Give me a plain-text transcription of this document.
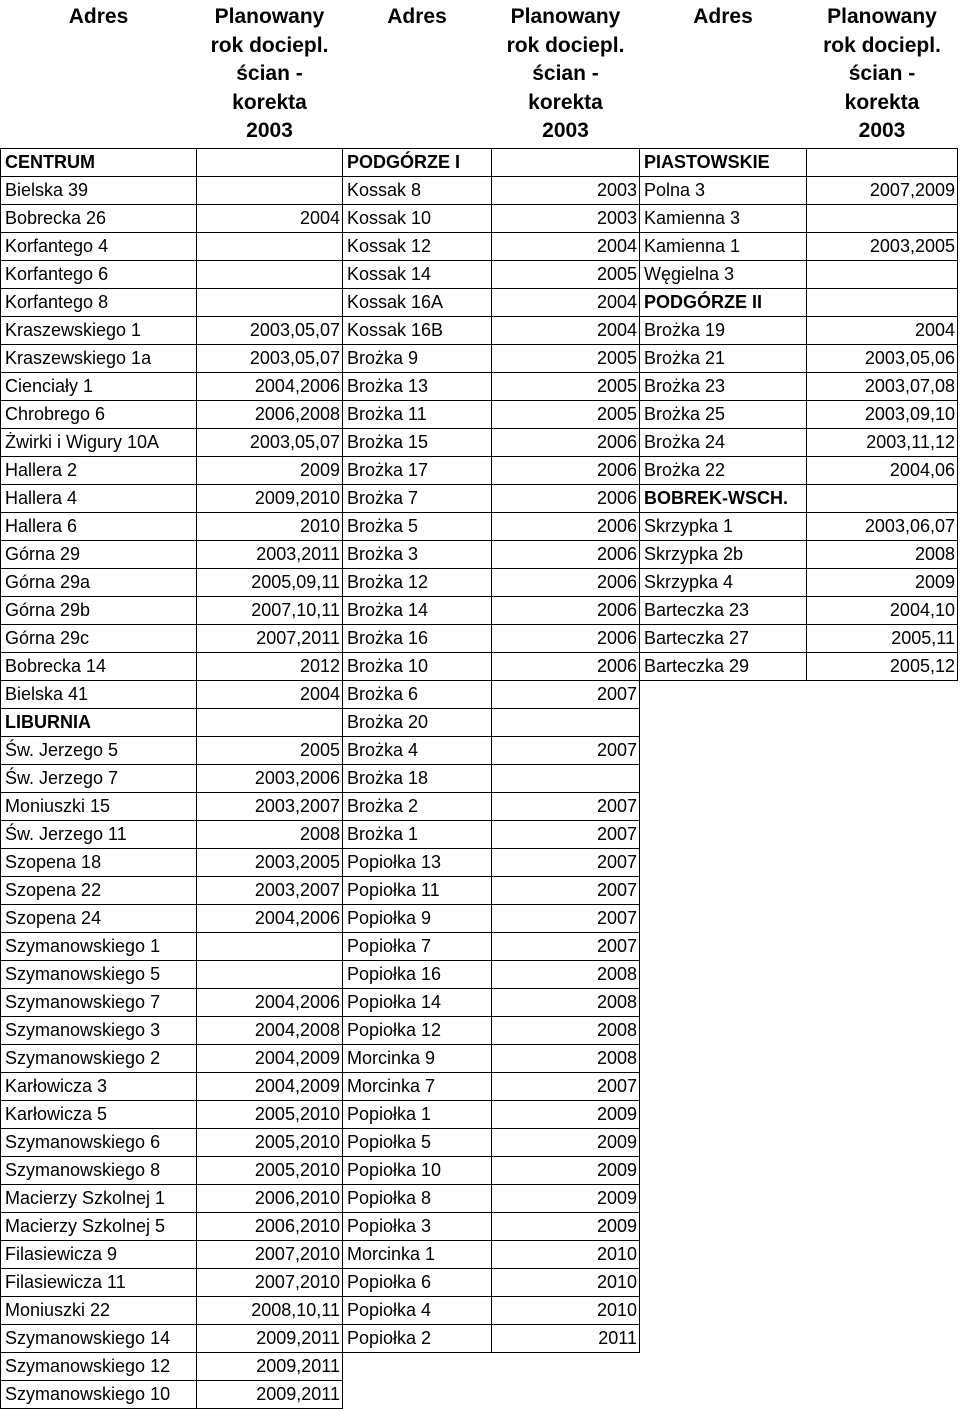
Adres	Planowany
rok docie​pl.
ścian -
korekta
2003	Adres	Planowany
rok docie​pl.
ścian -
korekta
2003	Adres	Planowany
rok docie​pl.
ścian -
korekta
2003
CENTRUM		PODGÓRZE I		PIASTOWSKIE	
Bielska 39		Kossak 8	2003	Polna 3	2007,2009
Bobrecka 26	2004	Kossak 10	2003	Kamienna 3	
Korfantego 4		Kossak 12	2004	Kamienna 1	2003,2005
Korfantego 6		Kossak 14	2005	Węgielna 3	
Korfantego 8		Kossak 16A	2004	PODGÓRZE II	
Kraszewskiego 1	2003,05,07	Kossak 16B	2004	Brożka 19	2004
Kraszewskiego 1a	2003,05,07	Brożka 9	2005	Brożka 21	2003,05,06
Cienciały 1	2004,2006	Brożka 13	2005	Brożka 23	2003,07,08
Chrobrego 6	2006,2008	Brożka 11	2005	Brożka 25	2003,09,10
Żwirki i Wigury 10A	2003,05,07	Brożka 15	2006	Brożka 24	2003,11,12
Hallera 2	2009	Brożka 17	2006	Brożka 22	2004,06
Hallera 4	2009,2010	Brożka 7	2006	BOBREK-WSCH.	
Hallera 6	2010	Brożka 5	2006	Skrzypka 1	2003,06,07
Górna 29	2003,2011	Brożka 3	2006	Skrzypka 2b	2008
Górna 29a	2005,09,11	Brożka 12	2006	Skrzypka 4	2009
Górna 29b	2007,10,11	Brożka 14	2006	Barteczka 23	2004,10
Górna 29c	2007,2011	Brożka 16	2006	Barteczka 27	2005,11
Bobrecka 14	2012	Brożka 10	2006	Barteczka 29	2005,12
Bielska 41	2004	Brożka 6	2007		
LIBURNIA		Brożka 20			
Św. Jerzego 5	2005	Brożka 4	2007		
Św. Jerzego 7	2003,2006	Brożka 18			
Moniuszki 15	2003,2007	Brożka 2	2007		
Św. Jerzego 11	2008	Brożka 1	2007		
Szopena 18	2003,2005	Popiołka 13	2007		
Szopena 22	2003,2007	Popiołka 11	2007		
Szopena 24	2004,2006	Popiołka 9	2007		
Szymanowskiego 1		Popiołka 7	2007		
Szymanowskiego 5		Popiołka 16	2008		
Szymanowskiego 7	2004,2006	Popiołka 14	2008		
Szymanowskiego 3	2004,2008	Popiołka 12	2008		
Szymanowskiego 2	2004,2009	Morcinka 9	2008		
Karłowicza 3	2004,2009	Morcinka 7	2007		
Karłowicza 5	2005,2010	Popiołka 1	2009		
Szymanowskiego 6	2005,2010	Popiołka 5	2009		
Szymanowskiego 8	2005,2010	Popiołka 10	2009		
Macierzy Szkolnej 1	2006,2010	Popiołka 8	2009		
Macierzy Szkolnej 5	2006,2010	Popiołka 3	2009		
Filasiewicza 9	2007,2010	Morcinka 1	2010		
Filasiewicza 11	2007,2010	Popiołka 6	2010		
Moniuszki 22	2008,10,11	Popiołka 4	2010		
Szymanowskiego 14	2009,2011	Popiołka 2	2011		
Szymanowskiego 12	2009,2011				
Szymanowskiego 10	2009,2011				
